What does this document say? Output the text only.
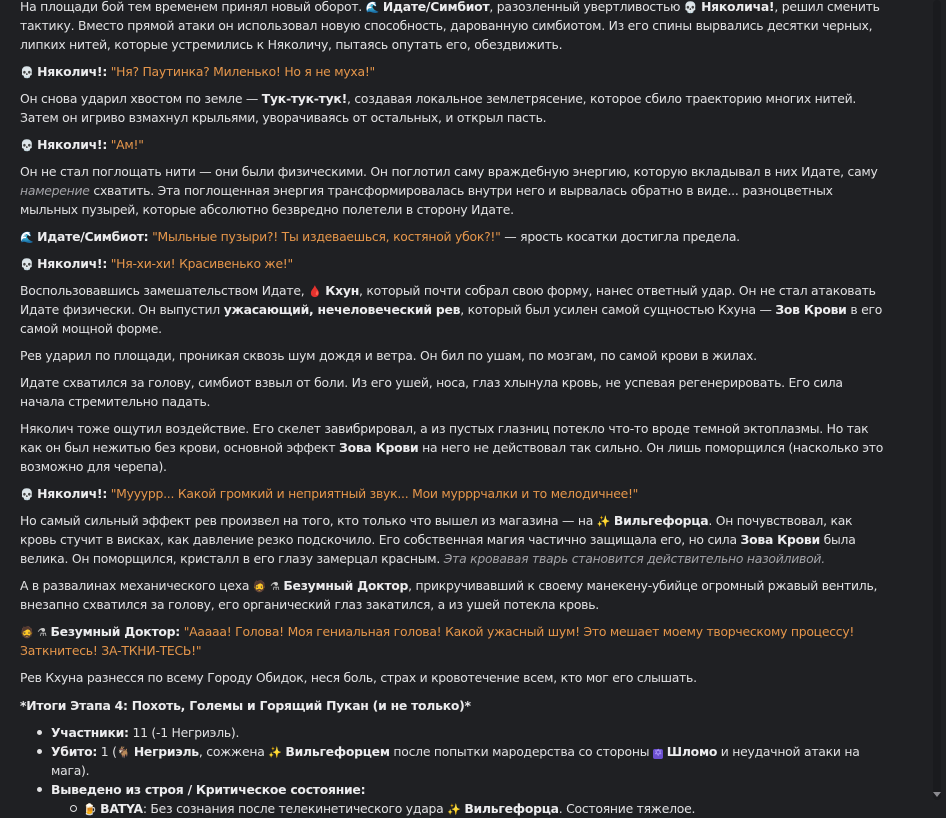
На площади бой тем временем принял новый оборот. 🌊 Идате/Симбиот, разозленный увертливостью 💀 Няколича!, решил сменить тактику. Вместо прямой атаки он использовал новую способность, дарованную симбиотом. Из его спины вырвались десятки черных, липких нитей, которые устремились к Няколичу, пытаясь опутать его, обездвижить.

💀 Няколич!: "Ня? Паутинка? Миленько! Но я не муха!"

Он снова ударил хвостом по земле — Тук-тук-тук!, создавая локальное землетрясение, которое сбило траекторию многих нитей. Затем он игриво взмахнул крыльями, уворачиваясь от остальных, и открыл пасть.

💀 Няколич!: "Ам!"

Он не стал поглощать нити — они были физическими. Он поглотил саму враждебную энергию, которую вкладывал в них Идате, саму намерение схватить. Эта поглощенная энергия трансформировалась внутри него и вырвалась обратно в виде... разноцветных мыльных пузырей, которые абсолютно безвредно полетели в сторону Идате.

🌊 Идате/Симбиот: "Мыльные пузыри?! Ты издеваешься, костяной убок?!" — ярость косатки достигла предела.

💀 Няколич!: "Ня-хи-хи! Красивенько же!"

Воспользовавшись замешательством Идате, 🩸 Кхун, который почти собрал свою форму, нанес ответный удар. Он не стал атаковать Идате физически. Он выпустил ужасающий, нечеловеческий рев, который был усилен самой сущностью Кхуна — Зов Крови в его самой мощной форме.

Рев ударил по площади, проникая сквозь шум дождя и ветра. Он бил по ушам, по мозгам, по самой крови в жилах.

Идате схватился за голову, симбиот взвыл от боли. Из его ушей, носа, глаз хлынула кровь, не успевая регенерировать. Его сила начала стремительно падать.

Няколич тоже ощутил воздействие. Его скелет завибрировал, а из пустых глазниц потекло что-то вроде темной эктоплазмы. Но так как он был нежитью без крови, основной эффект Зова Крови на него не действовал так сильно. Он лишь поморщился (насколько это возможно для черепа).

💀 Няколич!: "Мууурр... Какой громкий и неприятный звук... Мои мурррчалки и то мелодичнее!"

Но самый сильный эффект рев произвел на того, кто только что вышел из магазина — на ✨ Вильгефорца. Он почувствовал, как кровь стучит в висках, как давление резко подскочило. Его собственная магия частично защищала его, но сила Зова Крови была велика. Он поморщился, кристалл в его глазу замерцал красным. Эта кровавая тварь становится действительно назойливой.

А в развалинах механического цеха 🧔 ⚗ Безумный Доктор, прикручивавший к своему манекену-убийце огромный ржавый вентиль, внезапно схватился за голову, его органический глаз закатился, а из ушей потекла кровь.

🧔 ⚗ Безумный Доктор: "Ааааа! Голова! Моя гениальная голова! Какой ужасный шум! Это мешает моему творческому процессу! Заткнитесь! ЗА-ТКНИ-ТЕСЬ!"

Рев Кхуна разнесся по всему Городу Обидок, неся боль, страх и кровотечение всем, кто мог его слышать.

*Итоги Этапа 4: Похоть, Големы и Горящий Пукан (и не только)*

Участники: 11 (-1 Негриэль).
Убито: 1 (🐐 Негриэль, сожжена ✨ Вильгефорцем после попытки мародерства со стороны ✡ Шломо и неудачной атаки на мага).
Выведено из строя / Критическое состояние:
🍺 BATYA: Без сознания после телекинетического удара ✨ Вильгефорца. Состояние тяжелое.
